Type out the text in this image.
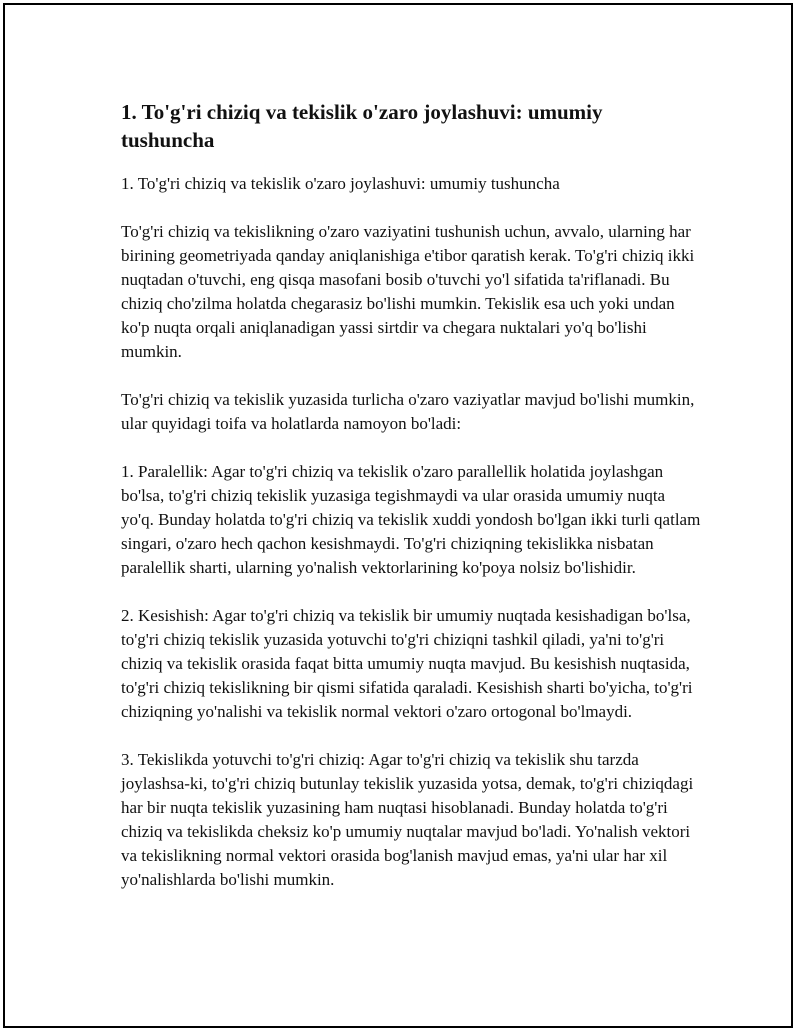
1. To'g'ri chiziq va tekislik o'zaro joylashuvi: umumiy tushuncha

1. To'g'ri chiziq va tekislik o'zaro joylashuvi: umumiy tushuncha

To'g'ri chiziq va tekislikning o'zaro vaziyatini tushunish uchun, avvalo, ularning har birining geometriyada qanday aniqlanishiga e'tibor qaratish kerak. To'g'ri chiziq ikki nuqtadan o'tuvchi, eng qisqa masofani bosib o'tuvchi yo'l sifatida ta'riflanadi. Bu chiziq cho'zilma holatda chegarasiz bo'lishi mumkin. Tekislik esa uch yoki undan ko'p nuqta orqali aniqlanadigan yassi sirtdir va chegara nuktalari yo'q bo'lishi mumkin.

To'g'ri chiziq va tekislik yuzasida turlicha o'zaro vaziyatlar mavjud bo'lishi mumkin, ular quyidagi toifa va holatlarda namoyon bo'ladi:

1. Paralellik: Agar to'g'ri chiziq va tekislik o'zaro parallellik holatida joylashgan bo'lsa, to'g'ri chiziq tekislik yuzasiga tegishmaydi va ular orasida umumiy nuqta yo'q. Bunday holatda to'g'ri chiziq va tekislik xuddi yondosh bo'lgan ikki turli qatlam singari, o'zaro hech qachon kesishmaydi. To'g'ri chiziqning tekislikka nisbatan paralellik sharti, ularning yo'nalish vektorlarining ko'poya nolsiz bo'lishidir.

2. Kesishish: Agar to'g'ri chiziq va tekislik bir umumiy nuqtada kesishadigan bo'lsa, to'g'ri chiziq tekislik yuzasida yotuvchi to'g'ri chiziqni tashkil qiladi, ya'ni to'g'ri chiziq va tekislik orasida faqat bitta umumiy nuqta mavjud. Bu kesishish nuqtasida, to'g'ri chiziq tekislikning bir qismi sifatida qaraladi. Kesishish sharti bo'yicha, to'g'ri chiziqning yo'nalishi va tekislik normal vektori o'zaro ortogonal bo'lmaydi.

3. Tekislikda yotuvchi to'g'ri chiziq: Agar to'g'ri chiziq va tekislik shu tarzda joylashsa-ki, to'g'ri chiziq butunlay tekislik yuzasida yotsa, demak, to'g'ri chiziqdagi har bir nuqta tekislik yuzasining ham nuqtasi hisoblanadi. Bunday holatda to'g'ri chiziq va tekislikda cheksiz ko'p umumiy nuqtalar mavjud bo'ladi. Yo'nalish vektori va tekislikning normal vektori orasida bog'lanish mavjud emas, ya'ni ular har xil yo'nalishlarda bo'lishi mumkin.
